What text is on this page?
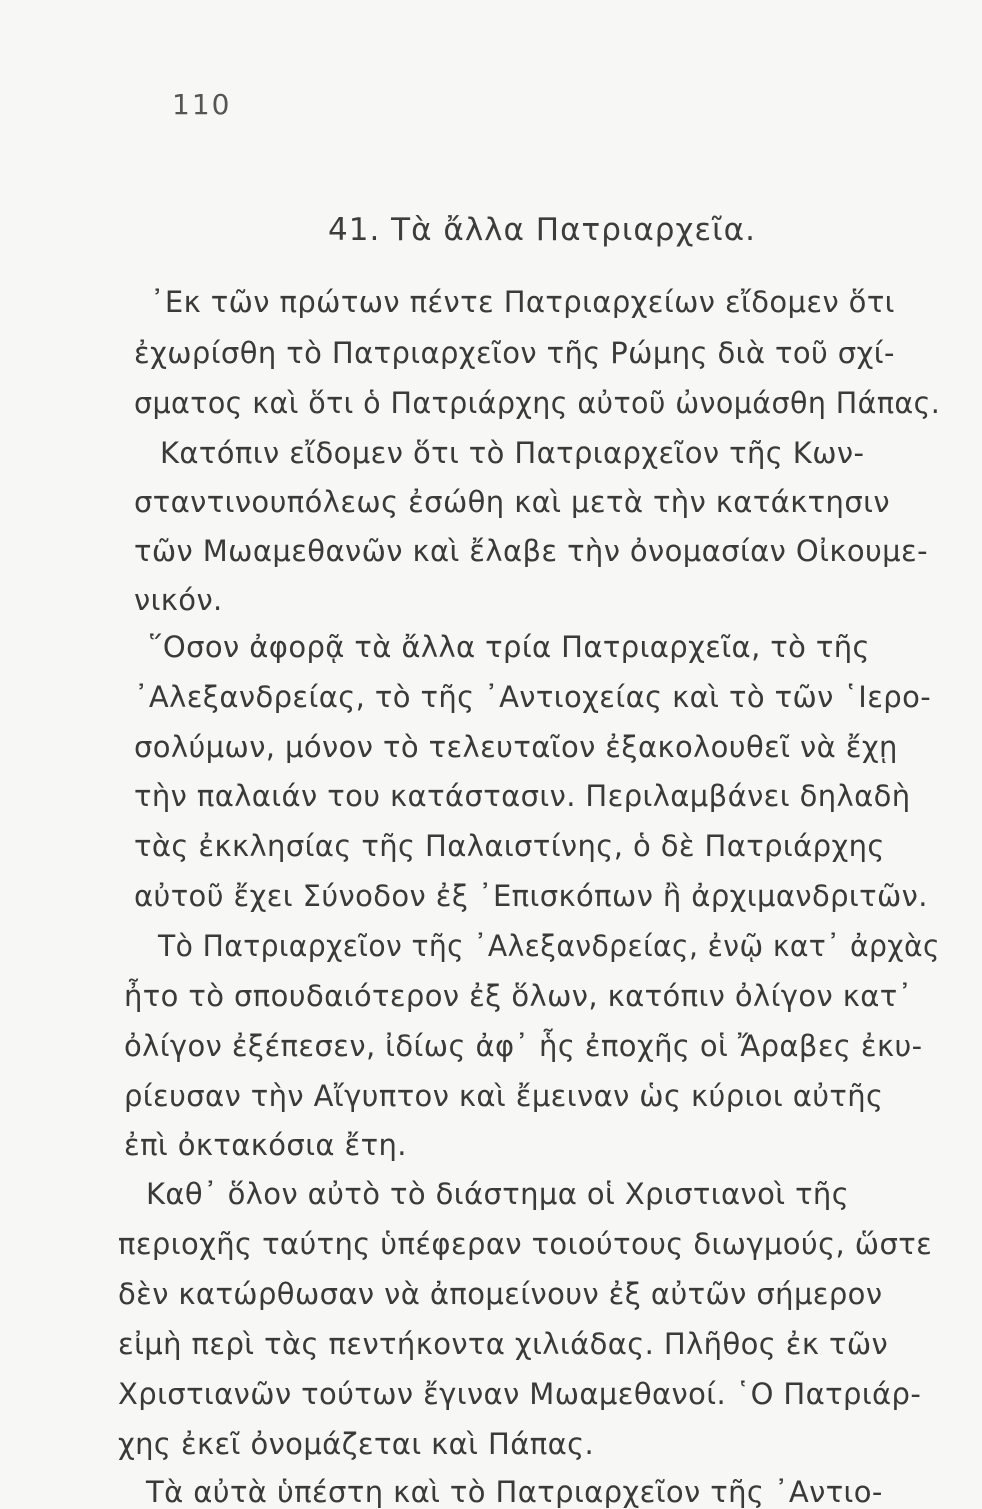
110
41. Τὰ ἄλλα Πατριαρχεῖα.
᾿Εκ τῶν πρώτων πέντε Πατριαρχείων εἴδομεν ὅτι
ἐχωρίσθη τὸ Πατριαρχεῖον τῆς Ρώμης διὰ τοῦ σχί-
σματος καὶ ὅτι ὁ Πατριάρχης αὐτοῦ ὠνομάσθη Πάπας.
Κατόπιν εἴδομεν ὅτι τὸ Πατριαρχεῖον τῆς Κων-
σταντινουπόλεως ἐσώθη καὶ μετὰ τὴν κατάκτησιν
τῶν Μωαμεθανῶν καὶ ἔλαβε τὴν ὀνομασίαν Οἰκουμε-
νικόν.
῞Οσον ἀφορᾷ τὰ ἄλλα τρία Πατριαρχεῖα, τὸ τῆς
᾿Αλεξανδρείας, τὸ τῆς ᾿Αντιοχείας καὶ τὸ τῶν ῾Ιερο-
σολύμων, μόνον τὸ τελευταῖον ἐξακολουθεῖ νὰ ἔχῃ
τὴν παλαιάν του κατάστασιν. Περιλαμβάνει δηλαδὴ
τὰς ἐκκλησίας τῆς Παλαιστίνης, ὁ δὲ Πατριάρχης
αὐτοῦ ἔχει Σύνοδον ἐξ ᾿Επισκόπων ἢ ἀρχιμανδριτῶν.
Τὸ Πατριαρχεῖον τῆς ᾿Αλεξανδρείας, ἐνῷ κατ᾿ ἀρχὰς
ἦτο τὸ σπουδαιότερον ἐξ ὅλων, κατόπιν ὀλίγον κατ᾿
ὀλίγον ἐξέπεσεν, ἰδίως ἀφ᾿ ἧς ἐποχῆς οἱ Ἄραβες ἐκυ-
ρίευσαν τὴν Αἴγυπτον καὶ ἔμειναν ὡς κύριοι αὐτῆς
ἐπὶ ὀκτακόσια ἔτη.
Καθ᾿ ὅλον αὐτὸ τὸ διάστημα οἱ Χριστιανοὶ τῆς
περιοχῆς ταύτης ὑπέφεραν τοιούτους διωγμούς, ὥστε
δὲν κατώρθωσαν νὰ ἀπομείνουν ἐξ αὐτῶν σήμερον
εἰμὴ περὶ τὰς πεντήκοντα χιλιάδας. Πλῆθος ἐκ τῶν
Χριστιανῶν τούτων ἔγιναν Μωαμεθανοί. ῾Ο Πατριάρ-
χης ἐκεῖ ὀνομάζεται καὶ Πάπας.
Τὰ αὐτὰ ὑπέστη καὶ τὸ Πατριαρχεῖον τῆς ᾿Αντιο-
